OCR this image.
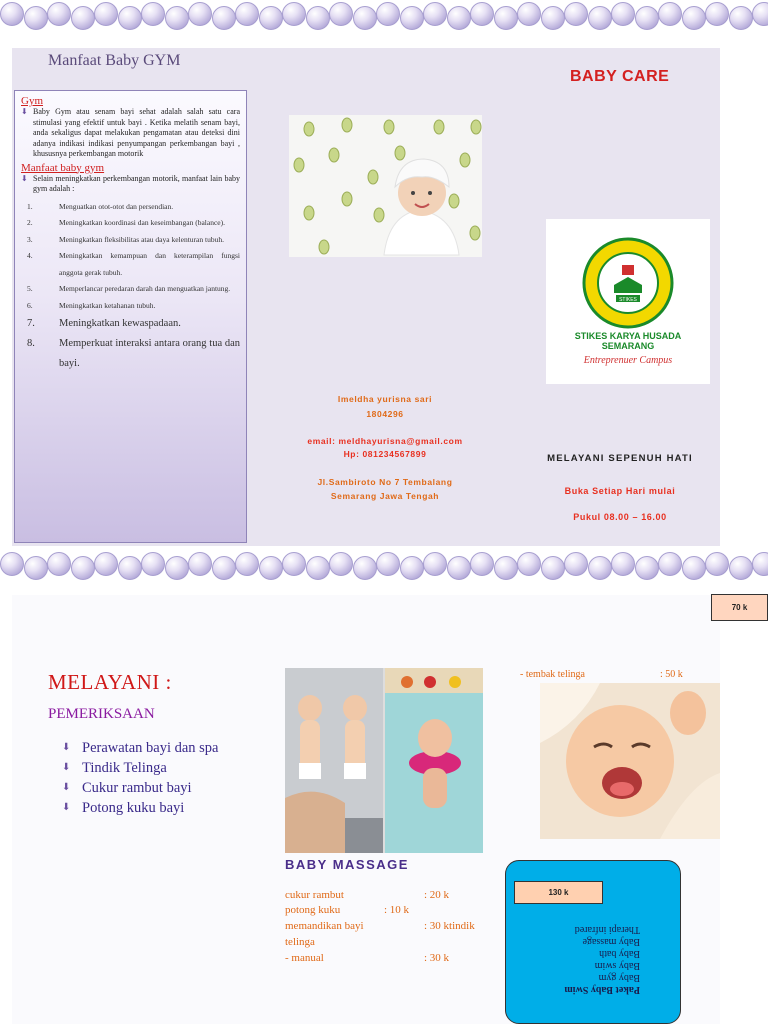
Manfaat Baby GYM
Gym
⬇ Baby Gym atau senam bayi sehat adalah salah satu cara stimulasi yang efektif untuk bayi . Ketika melatih senam bayi, anda sekaligus dapat melakukan pengamatan atau deteksi dini adanya indikasi indikasi penyumpangan perkembangan bayi , khususnya perkembangan motorik
Manfaat baby gym
⬇ Selain meningkatkan perkembangan motorik, manfaat lain baby gym adalah :
1.	Menguatkan otot-otot dan persendian.
2.	Meningkatkan koordinasi dan keseimbangan (balance).
3.	Meningkatkan fleksibilitas atau daya kelenturan tubuh.
4.	Meningkatkan kemampuan dan keterampilan fungsi anggota gerak tubuh.
5.	Memperlancar peredaran darah dan menguatkan jantung.
6.	Meningkatkan ketahanan tubuh.
7. Meningkatkan kewaspadaan.
8. Memperkuat interaksi antara orang tua dan bayi.
BABY CARE
STIKES
STIKES KARYA HUSADA
SEMARANG
Entreprenuer Campus
Imeldha yurisna sari
1804296
email: meldhayurisna@gmail.com
Hp: 081234567899
Jl.Sambiroto No 7 Tembalang
Semarang Jawa Tengah
MELAYANI SEPENUH HATI
Buka Setiap Hari mulai
Pukul 08.00 – 16.00
70 k
MELAYANI :
PEMERIKSAAN
⬇ Perawatan bayi dan spa
⬇ Tindik Telinga
⬇ Cukur rambut bayi
⬇ Potong kuku bayi
BABY MASSAGE
cukur rambut	: 20 k
potong kuku	: 10 k
memandikan bayi	: 30 ktindik
telinga
- manual	: 30 k
- tembak telinga	: 50 k
130 k
Paket Baby Swim
Baby gym
Baby swim
Baby bath
Baby massage
Therapi infrared
